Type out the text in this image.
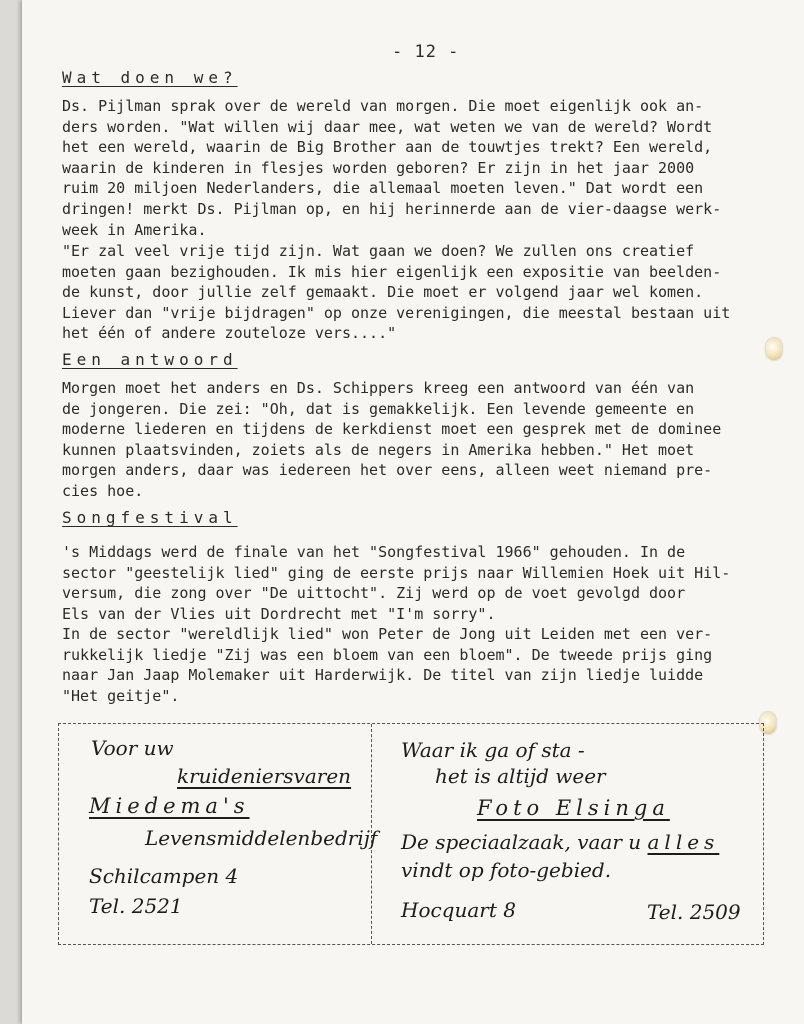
- 12 -
Wat doen we?

Ds. Pijlman sprak over de wereld van morgen. Die moet eigenlijk ook an-
ders worden. "Wat willen wij daar mee, wat weten we van de wereld? Wordt
het een wereld, waarin de Big Brother aan de touwtjes trekt? Een wereld,
waarin de kinderen in flesjes worden geboren? Er zijn in het jaar 2000
ruim 20 miljoen Nederlanders, die allemaal moeten leven." Dat wordt een
dringen! merkt Ds. Pijlman op, en hij herinnerde aan de vier-daagse werk-
week in Amerika.

"Er zal veel vrije tijd zijn. Wat gaan we doen? We zullen ons creatief
moeten gaan bezighouden. Ik mis hier eigenlijk een expositie van beelden-
de kunst, door jullie zelf gemaakt. Die moet er volgend jaar wel komen.
Liever dan "vrije bijdragen" op onze verenigingen, die meestal bestaan uit
het één of andere zouteloze vers...."

Een antwoord

Morgen moet het anders en Ds. Schippers kreeg een antwoord van één van
de jongeren. Die zei: "Oh, dat is gemakkelijk. Een levende gemeente en
moderne liederen en tijdens de kerkdienst moet een gesprek met de dominee
kunnen plaatsvinden, zoiets als de negers in Amerika hebben." Het moet
morgen anders, daar was iedereen het over eens, alleen weet niemand pre-
cies hoe.

Songfestival

's Middags werd de finale van het "Songfestival 1966" gehouden. In de
sector "geestelijk lied" ging de eerste prijs naar Willemien Hoek uit Hil-
versum, die zong over "De uittocht". Zij werd op de voet gevolgd door
Els van der Vlies uit Dordrecht met "I'm sorry".

In de sector "wereldlijk lied" won Peter de Jong uit Leiden met een ver-
rukkelijk liedje "Zij was een bloem van een bloem". De tweede prijs ging
naar Jan Jaap Molemaker uit Harderwijk. De titel van zijn liedje luidde
"Het geitje".

Voor uw
kruideniersvaren
Miedema's
Levensmiddelenbedrijf
Schilcampen 4
Tel. 2521
Waar ik ga of sta -
het is altijd weer
Foto Elsinga
De speciaalzaak, vaar u alles
vindt op foto-gebied.
Hocquart 8	Tel. 2509
